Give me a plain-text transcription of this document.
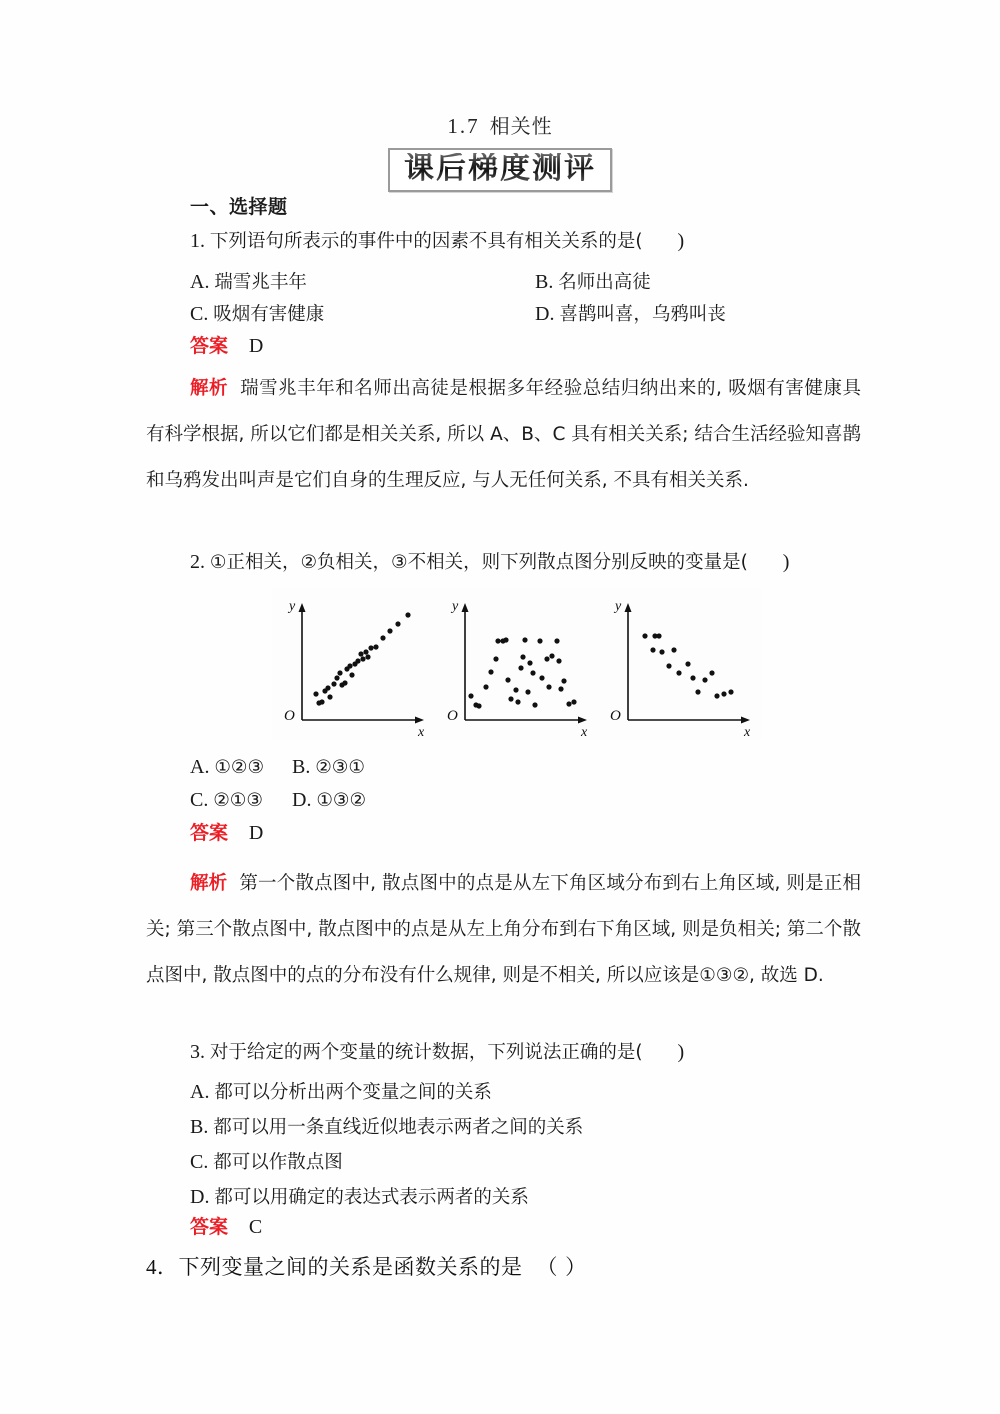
1.7 相关性
课后梯度测评
一、选择题
1. 下列语句所表示的事件中的因素不具有相关关系的是( )
A. 瑞雪兆丰年	B. 名师出高徒
C. 吸烟有害健康	D. 喜鹊叫喜，乌鸦叫丧
答案 D
解析 瑞雪兆丰年和名师出高徒是根据多年经验总结归纳出来的, 吸烟有害健康具有科学根据, 所以它们都是相关关系, 所以 A、B、C 具有相关关系; 结合生活经验知喜鹊和乌鸦发出叫声是它们自身的生理反应, 与人无任何关系, 不具有相关关系.
2. ①正相关，②负相关，③不相关，则下列散点图分别反映的变量是( )
y
x
O
y
x
O
y
x
O
A. ①②③ B. ②③①
C. ②①③ D. ①③②
答案 D
解析 第一个散点图中, 散点图中的点是从左下角区域分布到右上角区域, 则是正相关; 第三个散点图中, 散点图中的点是从左上角分布到右下角区域, 则是负相关; 第二个散点图中, 散点图中的点的分布没有什么规律, 则是不相关, 所以应该是①③②, 故选 D.
3. 对于给定的两个变量的统计数据，下列说法正确的是( )
A. 都可以分析出两个变量之间的关系
B. 都可以用一条直线近似地表示两者之间的关系
C. 都可以作散点图
D. 都可以用确定的表达式表示两者的关系
答案 C
4．下列变量之间的关系是函数关系的是 （ ）
